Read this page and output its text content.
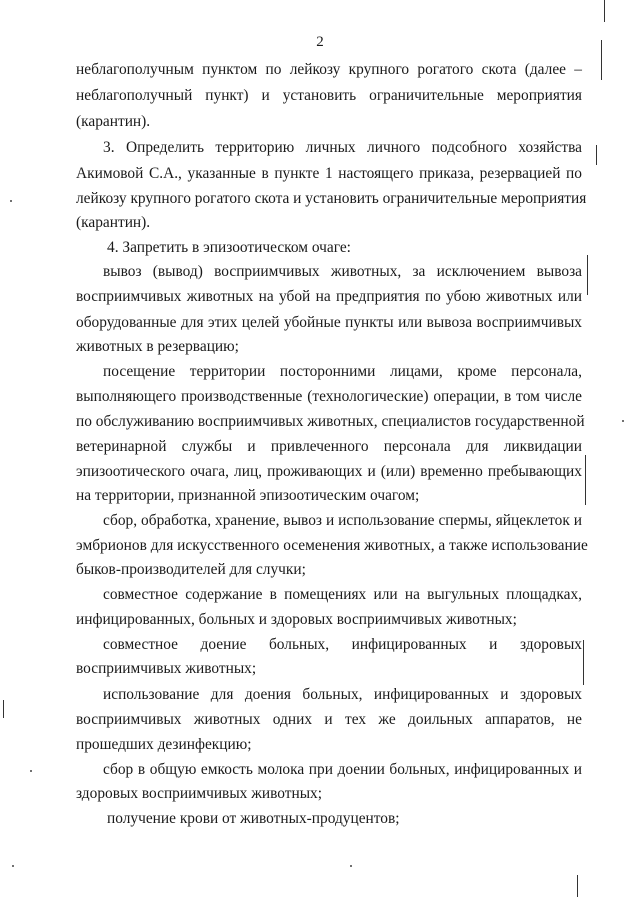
2
неблагополучным пунктом по лейкозу крупного рогатого скота (далее –
неблагополучный пункт) и установить ограничительные мероприятия
(карантин).
3. Определить территорию личных личного подсобного хозяйства
Акимовой С.А., указанные в пункте 1 настоящего приказа, резервацией по
лейкозу крупного рогатого скота и установить ограничительные мероприятия
(карантин).
4. Запретить в эпизоотическом очаге:
вывоз (вывод) восприимчивых животных, за исключением вывоза
восприимчивых животных на убой на предприятия по убою животных или
оборудованные для этих целей убойные пункты или вывоза восприимчивых
животных в резервацию;
посещение территории посторонними лицами, кроме персонала,
выполняющего производственные (технологические) операции, в том числе
по обслуживанию восприимчивых животных, специалистов государственной
ветеринарной службы и привлеченного персонала для ликвидации
эпизоотического очага, лиц, проживающих и (или) временно пребывающих
на территории, признанной эпизоотическим очагом;
сбор, обработка, хранение, вывоз и использование спермы, яйцеклеток и
эмбрионов для искусственного осеменения животных, а также использование
быков-производителей для случки;
совместное содержание в помещениях или на выгульных площадках,
инфицированных, больных и здоровых восприимчивых животных;
совместное доение больных, инфицированных и здоровых
восприимчивых животных;
использование для доения больных, инфицированных и здоровых
восприимчивых животных одних и тех же доильных аппаратов, не
прошедших дезинфекцию;
сбор в общую емкость молока при доении больных, инфицированных и
здоровых восприимчивых животных;
получение крови от животных-продуцентов;
